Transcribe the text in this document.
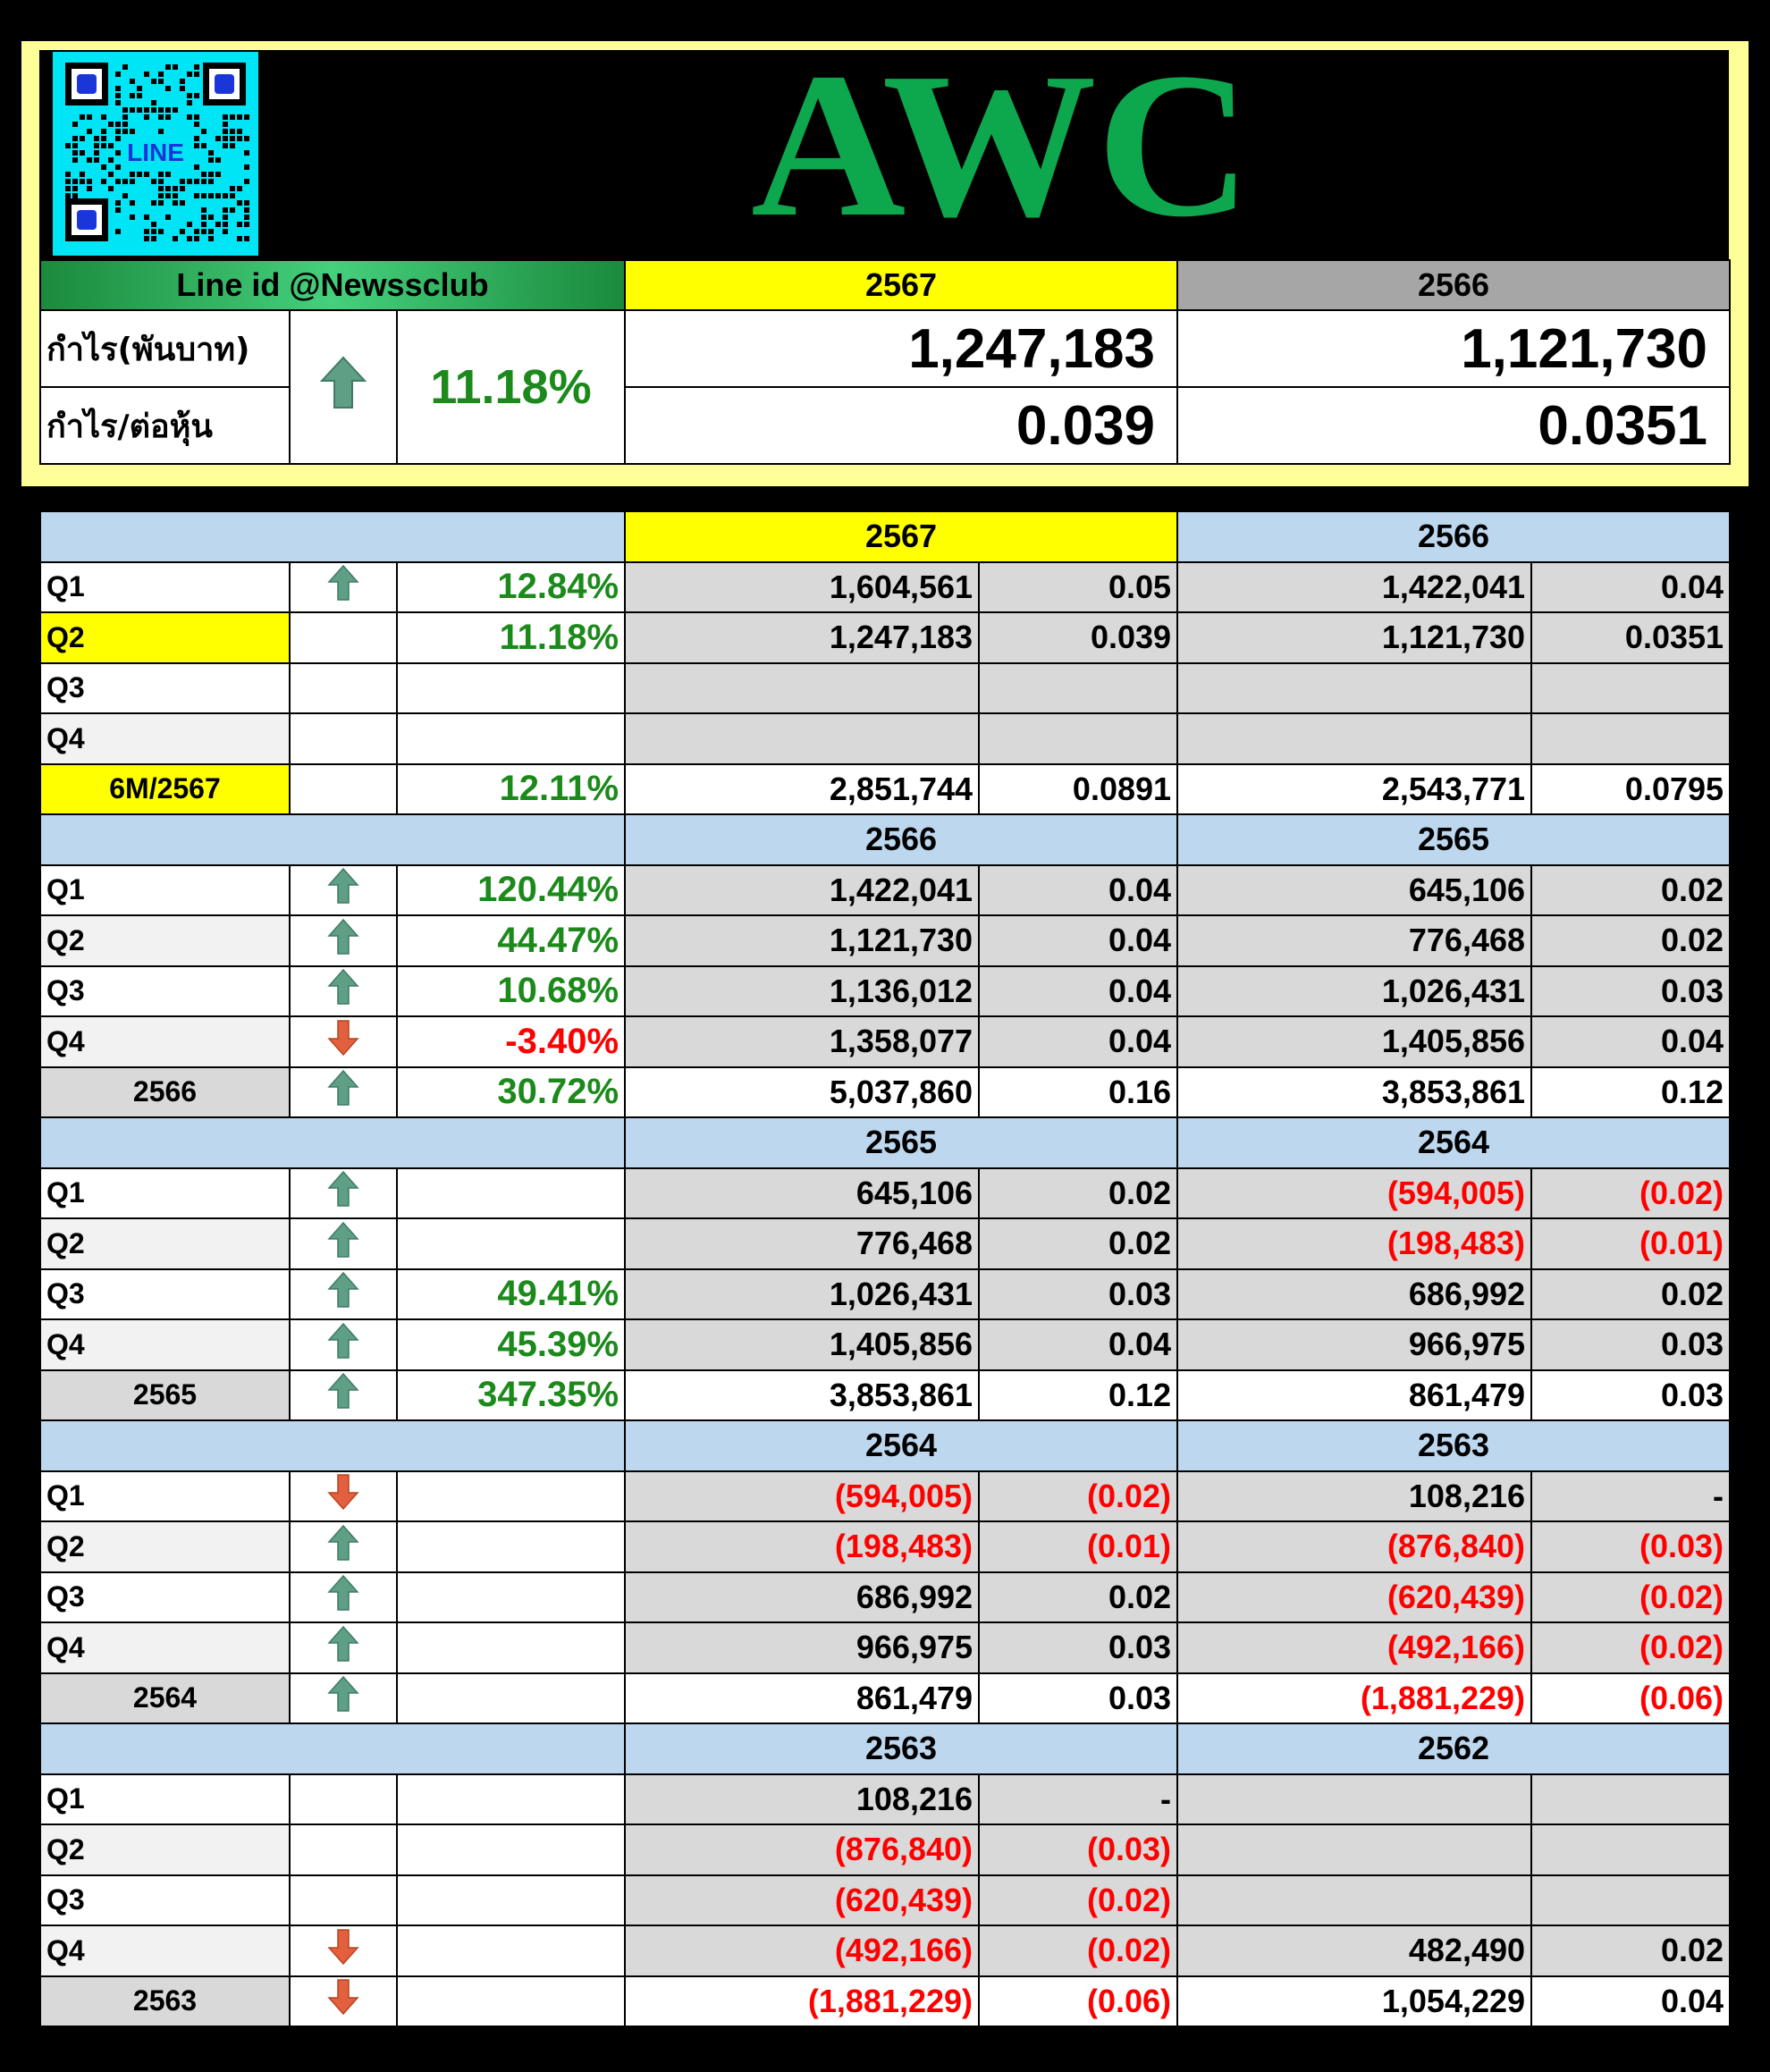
LINE	AWC
Line id @Newssclub			2567	2566
กำไร(พันบาท)		11.18%	1,247,183	1,121,730
กำไร/ต่อหุ้น			0.039	0.0351
			2567		2566	
Q1		12.84%	1,604,561	0.05	1,422,041	0.04
Q2		11.18%	1,247,183	0.039	1,121,730	0.0351
Q3						
Q4						
6M/2567		12.11%	2,851,744	0.0891	2,543,771	0.0795
			2566		2565	
Q1		120.44%	1,422,041	0.04	645,106	0.02
Q2		44.47%	1,121,730	0.04	776,468	0.02
Q3		10.68%	1,136,012	0.04	1,026,431	0.03
Q4		-3.40%	1,358,077	0.04	1,405,856	0.04
2566		30.72%	5,037,860	0.16	3,853,861	0.12
			2565		2564	
Q1			645,106	0.02	(594,005)	(0.02)
Q2			776,468	0.02	(198,483)	(0.01)
Q3		49.41%	1,026,431	0.03	686,992	0.02
Q4		45.39%	1,405,856	0.04	966,975	0.03
2565		347.35%	3,853,861	0.12	861,479	0.03
			2564		2563	
Q1			(594,005)	(0.02)	108,216	-
Q2			(198,483)	(0.01)	(876,840)	(0.03)
Q3			686,992	0.02	(620,439)	(0.02)
Q4			966,975	0.03	(492,166)	(0.02)
2564			861,479	0.03	(1,881,229)	(0.06)
			2563		2562	
Q1			108,216	-		
Q2			(876,840)	(0.03)		
Q3			(620,439)	(0.02)		
Q4			(492,166)	(0.02)	482,490	0.02
2563			(1,881,229)	(0.06)	1,054,229	0.04
